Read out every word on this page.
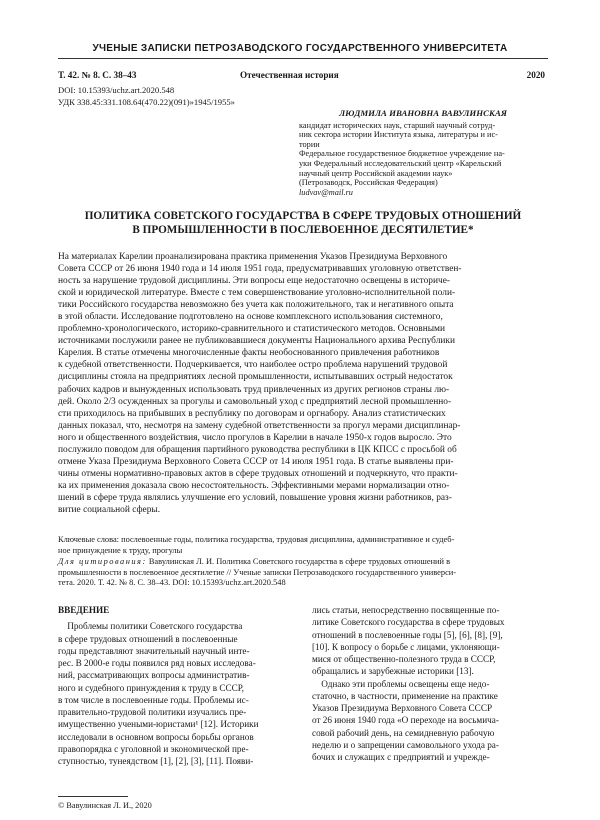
УЧЕНЫЕ ЗАПИСКИ ПЕТРОЗАВОДСКОГО ГОСУДАРСТВЕННОГО УНИВЕРСИТЕТА
Т. 42. № 8. С. 38–43	Отечественная история	2020
DOI: 10.15393/uchz.art.2020.548
УДК 338.45:331.108.64(470.22)(091)»1945/1955»
ЛЮДМИЛА ИВАНОВНА ВАВУЛИНСКАЯ
кандидат исторических наук, старший научный сотруд-
ник сектора истории Института языка, литературы и ис-
тории
Федеральное государственное бюджетное учреждение на-
уки Федеральный исследовательский центр «Карельский
научный центр Российской академии наук»
(Петрозаводск, Российская Федерация)
ludvav@mail.ru
ПОЛИТИКА СОВЕТСКОГО ГОСУДАРСТВА В СФЕРЕ ТРУДОВЫХ ОТНОШЕНИЙ
В ПРОМЫШЛЕННОСТИ В ПОСЛЕВОЕННОЕ ДЕСЯТИЛЕТИЕ*
На материалах Карелии проанализирована практика применения Указов Президиума Верховного
Совета СССР от 26 июня 1940 года и 14 июля 1951 года, предусматривавших уголовную ответствен-
ность за нарушение трудовой дисциплины. Эти вопросы еще недостаточно освещены в историче-
ской и юридической литературе. Вместе с тем совершенствование уголовно-исполнительной поли-
тики Российского государства невозможно без учета как положительного, так и негативного опыта
в этой области. Исследование подготовлено на основе комплексного использования системного,
проблемно-хронологического, историко-сравнительного и статистического методов. Основными
источниками послужили ранее не публиковавшиеся документы Национального архива Республики
Карелия. В статье отмечены многочисленные факты необоснованного привлечения работников
к судебной ответственности. Подчеркивается, что наиболее остро проблема нарушений трудовой
дисциплины стояла на предприятиях лесной промышленности, испытывавших острый недостаток
рабочих кадров и вынужденных использовать труд привлеченных из других регионов страны лю-
дей. Около 2/3 осужденных за прогулы и самовольный уход с предприятий лесной промышленно-
сти приходилось на прибывших в республику по договорам и оргнабору. Анализ статистических
данных показал, что, несмотря на замену судебной ответственности за прогул мерами дисциплинар-
ного и общественного воздействия, число прогулов в Карелии в начале 1950-х годов выросло. Это
послужило поводом для обращения партийного руководства республики в ЦК КПСС с просьбой об
отмене Указа Президиума Верховного Совета СССР от 14 июля 1951 года. В статье выявлены при-
чины отмены нормативно-правовых актов в сфере трудовых отношений и подчеркнуто, что практи-
ка их применения доказала свою несостоятельность. Эффективными мерами нормализации отно-
шений в сфере труда являлись улучшение его условий, повышение уровня жизни работников, раз-
витие социальной сферы.
Ключевые слова: послевоенные годы, политика государства, трудовая дисциплина, административное и судеб-
ное принуждение к труду, прогулы
Для цитирования: Вавулинская Л. И. Политика Советского государства в сфере трудовых отношений в
промышленности в послевоенное десятилетие // Ученые записки Петрозаводского государственного универси-
тета. 2020. Т. 42. № 8. С. 38–43. DOI: 10.15393/uchz.art.2020.548
ВВЕДЕНИЕ
Проблемы политики Советского государства
в сфере трудовых отношений в послевоенные
годы представляют значительный научный инте-
рес. В 2000-е годы появился ряд новых исследова-
ний, рассматривающих вопросы административ-
ного и судебного принуждения к труду в СССР,
в том числе в послевоенные годы. Проблемы ис-
правительно-трудовой политики изучались пре-
имущественно учеными-юристами¹ [12]. Историки
исследовали в основном вопросы борьбы органов
правопорядка с уголовной и экономической пре-
ступностью, тунеядством [1], [2], [3], [11]. Появи-
лись статьи, непосредственно посвященные по-
литике Советского государства в сфере трудовых
отношений в послевоенные годы [5], [6], [8], [9],
[10]. К вопросу о борьбе с лицами, уклоняющи-
мися от общественно-полезного труда в СССР,
обращались и зарубежные историки [13].
Однако эти проблемы освещены еще недо-
статочно, в частности, применение на практике
Указов Президиума Верховного Совета СССР
от 26 июня 1940 года «О переходе на восьмича-
совой рабочий день, на семидневную рабочую
неделю и о запрещении самовольного ухода ра-
бочих и служащих с предприятий и учрежде-
© Вавулинская Л. И., 2020
